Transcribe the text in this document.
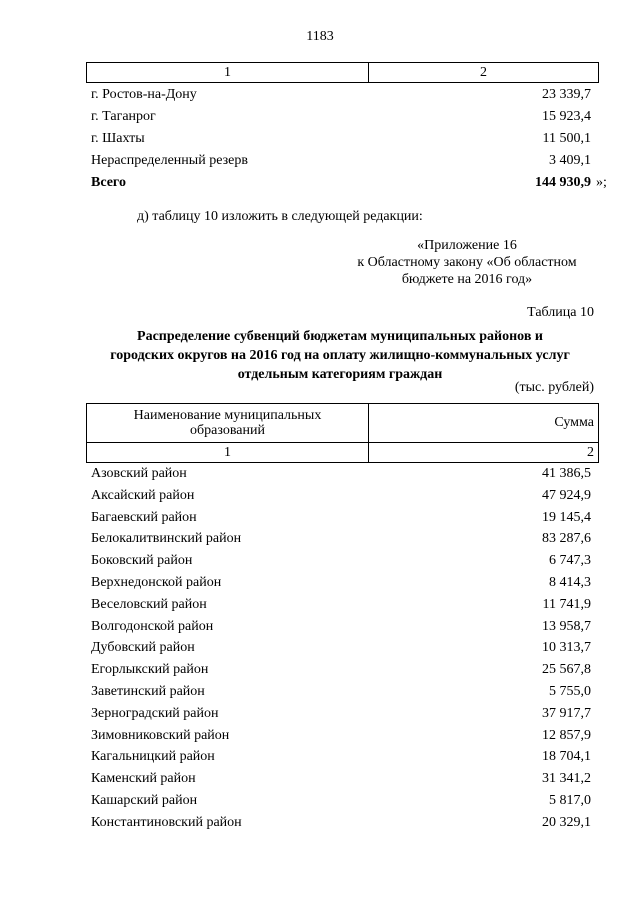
1183
1	2
г. Ростов-на-Дону	23 339,7
г. Таганрог	15 923,4
г. Шахты	11 500,1
Нераспределенный резерв	3 409,1
Всего	144 930,9 »;
д) таблицу 10 изложить в следующей редакции:
«Приложение 16
к Областному закону «Об областном
бюджете на 2016 год»
Таблица 10
Распределение субвенций бюджетам муниципальных районов и
городских округов на 2016 год на оплату жилищно-коммунальных услуг
отдельным категориям граждан
(тыс. рублей)
Наименование муниципальных
образований
Сумма
1	2
Азовский район	41 386,5
Аксайский район	47 924,9
Багаевский район	19 145,4
Белокалитвинский район	83 287,6
Боковский район	6 747,3
Верхнедонской район	8 414,3
Веселовский район	11 741,9
Волгодонской район	13 958,7
Дубовский район	10 313,7
Егорлыкский район	25 567,8
Заветинский район	5 755,0
Зерноградский район	37 917,7
Зимовниковский район	12 857,9
Кагальницкий район	18 704,1
Каменский район	31 341,2
Кашарский район	5 817,0
Константиновский район	20 329,1
